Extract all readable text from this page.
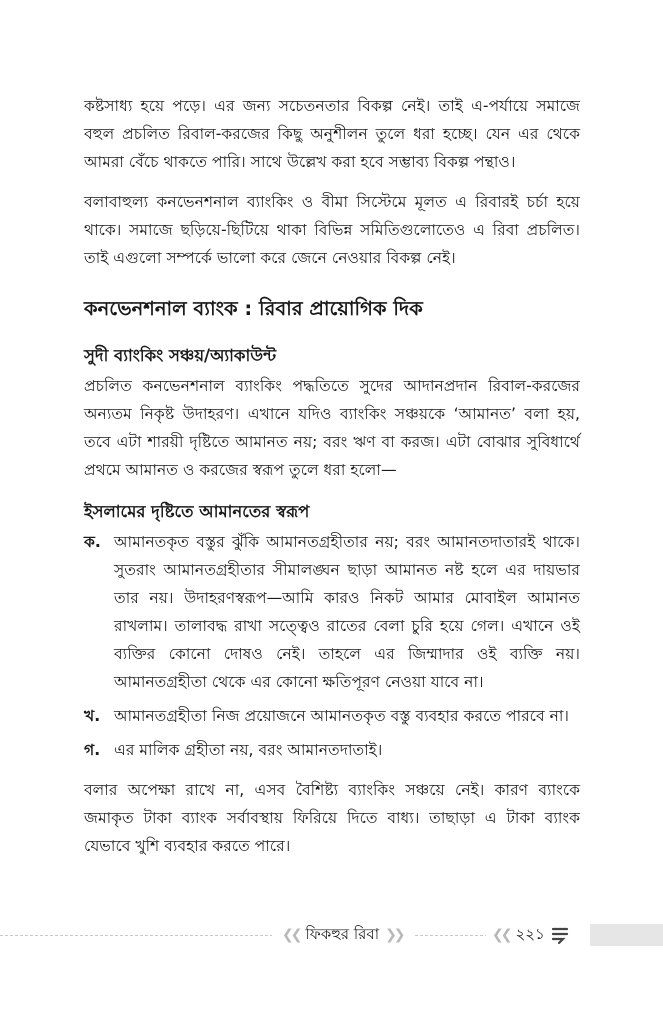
কষ্টসাধ্য হয়ে পড়ে। এর জন্য সচেতনতার বিকল্প নেই। তাই এ-পর্যায়ে সমাজে বহুল প্রচলিত রিবাল-করজের কিছু অনুশীলন তুলে ধরা হচ্ছে। যেন এর থেকে আমরা বেঁচে থাকতে পারি। সাথে উল্লেখ করা হবে সম্ভাব্য বিকল্প পন্থাও।

বলাবাহুল্য কনভেনশনাল ব্যাংকিং ও বীমা সিস্টেমে মূলত এ রিবারই চর্চা হয়ে থাকে। সমাজে ছড়িয়ে-ছিটিয়ে থাকা বিভিন্ন সমিতিগুলোতেও এ রিবা প্রচলিত। তাই এগুলো সম্পর্কে ভালো করে জেনে নেওয়ার বিকল্প নেই।

কনভেনশনাল ব্যাংক : রিবার প্রায়োগিক দিক
সুদী ব্যাংকিং সঞ্চয়/অ্যাকাউন্ট

প্রচলিত কনভেনশনাল ব্যাংকিং পদ্ধতিতে সুদের আদানপ্রদান রিবাল-করজের অন্যতম নিকৃষ্ট উদাহরণ। এখানে যদিও ব্যাংকিং সঞ্চয়কে ‘আমানত’ বলা হয়, তবে এটা শারয়ী দৃষ্টিতে আমানত নয়; বরং ঋণ বা করজ। এটা বোঝার সুবিধার্থে প্রথমে আমানত ও করজের স্বরূপ তুলে ধরা হলো—

ইসলামের দৃষ্টিতে আমানতের স্বরূপ
ক. আমানতকৃত বস্তুর ঝুঁকি আমানতগ্রহীতার নয়; বরং আমানতদাতারই থাকে। সুতরাং আমানতগ্রহীতার সীমালঙ্ঘন ছাড়া আমানত নষ্ট হলে এর দায়ভার তার নয়। উদাহরণস্বরূপ—আমি কারও নিকট আমার মোবাইল আমানত রাখলাম। তালাবদ্ধ রাখা সত্ত্বেও রাতের বেলা চুরি হয়ে গেল। এখানে ওই ব্যক্তির কোনো দোষও নেই। তাহলে এর জিম্মাদার ওই ব্যক্তি নয়। আমানতগ্রহীতা থেকে এর কোনো ক্ষতিপূরণ নেওয়া যাবে না।
খ. আমানতগ্রহীতা নিজ প্রয়োজনে আমানতকৃত বস্তু ব্যবহার করতে পারবে না।
গ. এর মালিক গ্রহীতা নয়, বরং আমানতদাতাই।

বলার অপেক্ষা রাখে না, এসব বৈশিষ্ট্য ব্যাংকিং সঞ্চয়ে নেই। কারণ ব্যাংকে জমাকৃত টাকা ব্যাংক সর্বাবস্থায় ফিরিয়ে দিতে বাধ্য। তাছাড়া এ টাকা ব্যাংক যেভাবে খুশি ব্যবহার করতে পারে।

❮❮ ফিকহুর রিবা ❯❯	❮❮ ২২১
